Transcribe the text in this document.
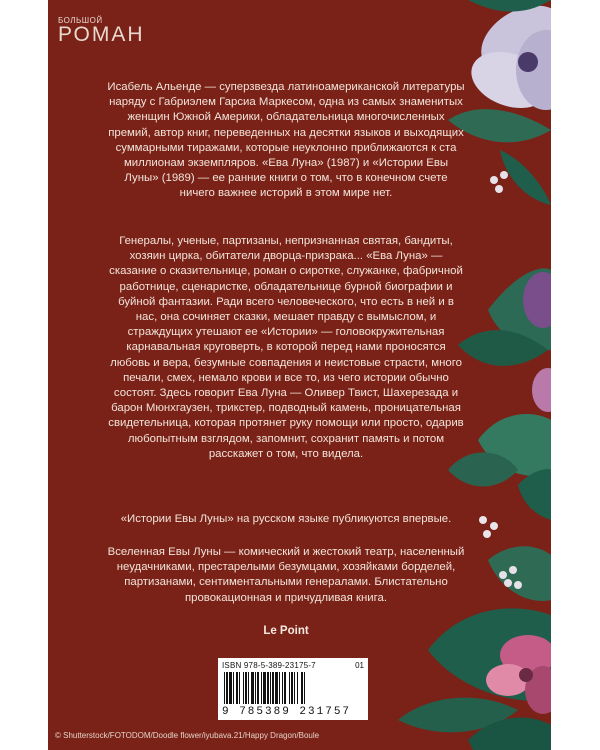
БОЛЬШОЙ
РОМАН

Исабель Альенде — суперзвезда латиноамериканской литературы наряду с Габриэлем Гарсиа Маркесом, одна из самых знаменитых женщин Южной Америки, обладательница многочисленных премий, автор книг, переведенных на десятки языков и выходящих суммарными тиражами, которые неуклонно приближаются к ста миллионам экземпляров. «Ева Луна» (1987) и «Истории Евы Луны» (1989) — ее ранние книги о том, что в конечном счете ничего важнее историй в этом мире нет.

Генералы, ученые, партизаны, непризнанная святая, бандиты, хозяин цирка, обитатели дворца-призрака... «Ева Луна» — сказание о сказительнице, роман о сиротке, служанке, фабричной работнице, сценаристке, обладательнице бурной биографии и буйной фантазии. Ради всего человеческого, что есть в ней и в нас, она сочиняет сказки, мешает правду с вымыслом, и страждущих утешают ее «Истории» — головокружительная карнавальная круговерть, в которой перед нами проносятся любовь и вера, безумные совпадения и неистовые страсти, много печали, смех, немало крови и все то, из чего истории обычно состоят. Здесь говорит Ева Луна — Оливер Твист, Шахерезада и барон Мюнхгаузен, трикстер, подводный камень, проницательная свидетельница, которая протянет руку помощи или просто, одарив любопытным взглядом, запомнит, сохранит память и потом расскажет о том, что видела.

«Истории Евы Луны» на русском языке публикуются впервые.

Вселенная Евы Луны — комический и жестокий театр, населенный неудачниками, престарелыми безумцами, хозяйками борделей, партизанами, сентиментальными генералами. Блистательно провокационная и причудливая книга.

Le Point
ISBN 978-5-389-23175-7	01
9 785389 231757
© Shutterstock/FOTODOM/Doodle flower/iyubava.21/Happy Dragon/Boule
